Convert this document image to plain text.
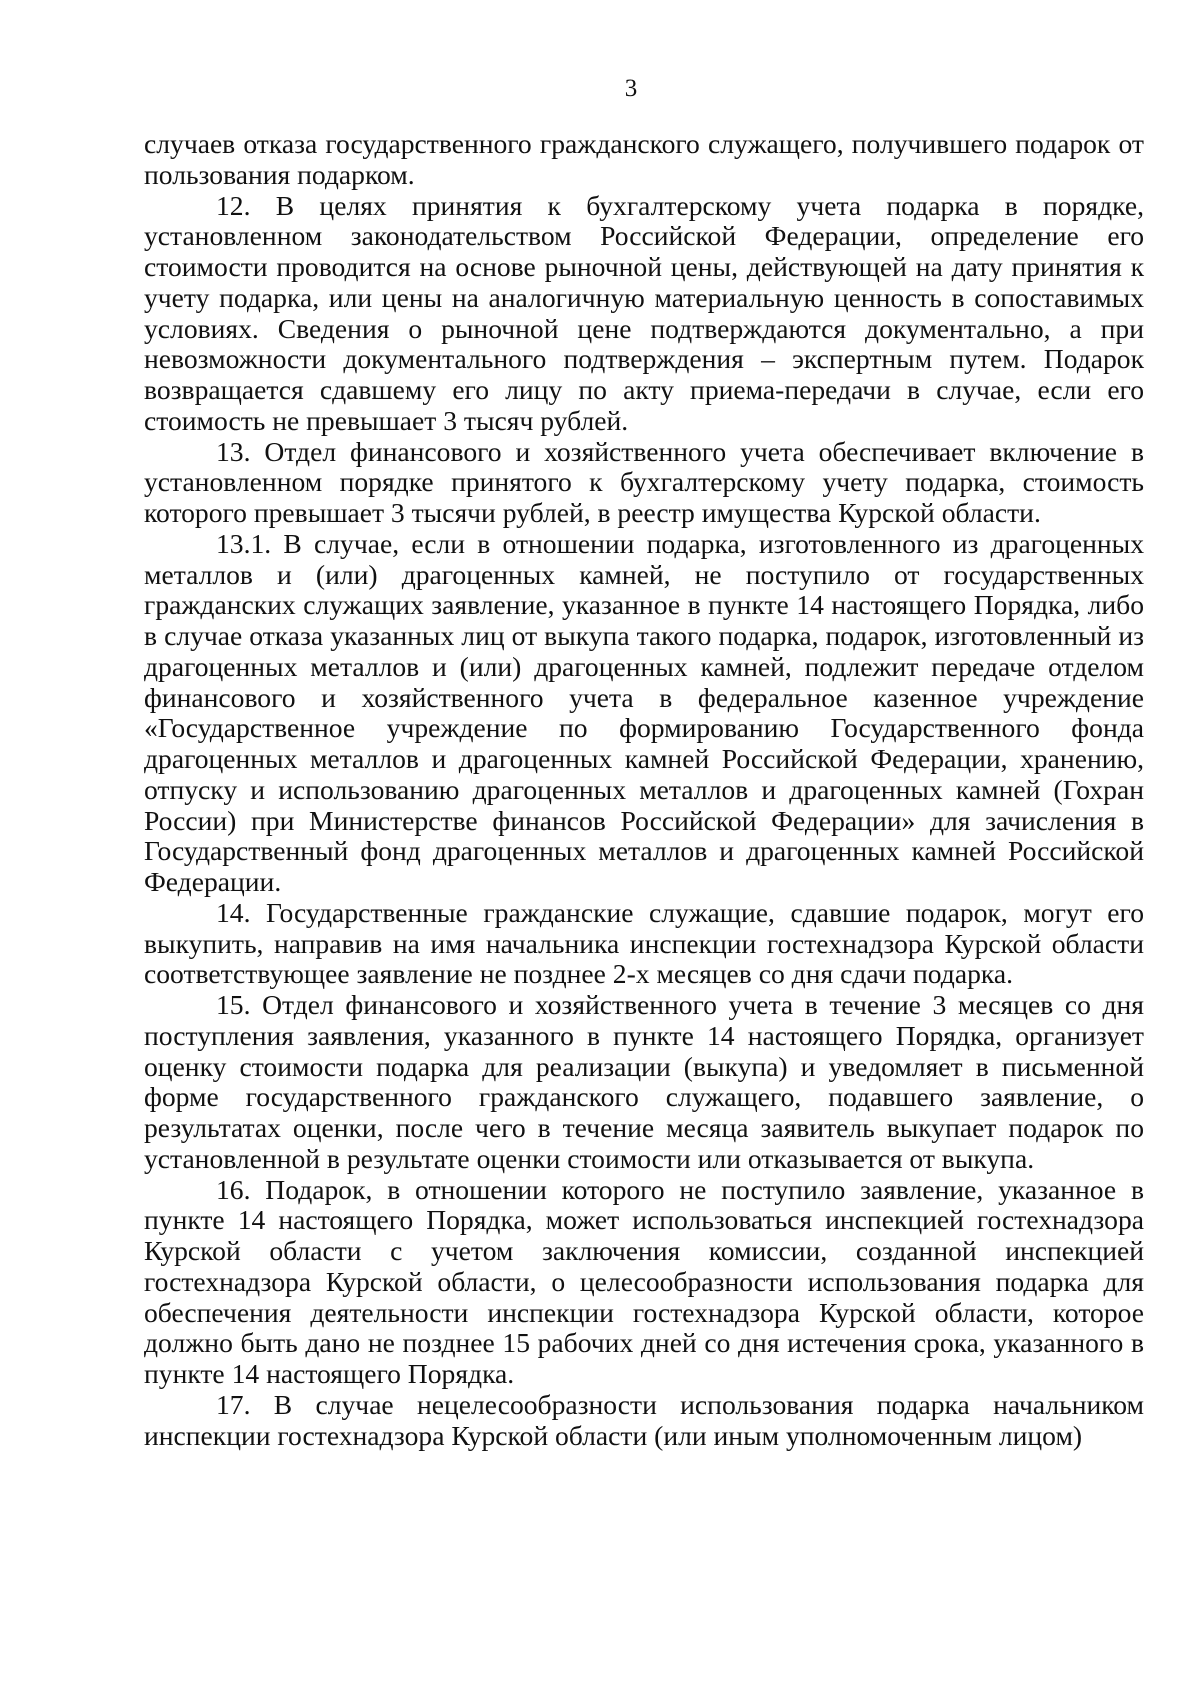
3

случаев отказа государственного гражданского служащего, получившего подарок от пользования подарком.

12. В целях принятия к бухгалтерскому учета подарка в порядке, установленном законодательством Российской Федерации, определение его стоимости проводится на основе рыночной цены, действующей на дату принятия к учету подарка, или цены на аналогичную материальную ценность в сопоставимых условиях. Сведения о рыночной цене подтверждаются документально, а при невозможности документального подтверждения – экспертным путем. Подарок возвращается сдавшему его лицу по акту приема-передачи в случае, если его стоимость не превышает 3 тысяч рублей.

13. Отдел финансового и хозяйственного учета обеспечивает включение в установленном порядке принятого к бухгалтерскому учету подарка, стоимость которого превышает 3 тысячи рублей, в реестр имущества Курской области.

13.1. В случае, если в отношении подарка, изготовленного из драгоценных металлов и (или) драгоценных камней, не поступило от государственных гражданских служащих заявление, указанное в пункте 14 настоящего Порядка, либо в случае отказа указанных лиц от выкупа такого подарка, подарок, изготовленный из драгоценных металлов и (или) драгоценных камней, подлежит передаче отделом финансового и хозяйственного учета в федеральное казенное учреждение «Государственное учреждение по формированию Государственного фонда драгоценных металлов и драгоценных камней Российской Федерации, хранению, отпуску и использованию драгоценных металлов и драгоценных камней (Гохран России) при Министерстве финансов Российской Федерации» для зачисления в Государственный фонд драгоценных металлов и драгоценных камней Российской Федерации.

14. Государственные гражданские служащие, сдавшие подарок, могут его выкупить, направив на имя начальника инспекции гостехнадзора Курской области соответствующее заявление не позднее 2-х месяцев со дня сдачи подарка.

15. Отдел финансового и хозяйственного учета в течение 3 месяцев со дня поступления заявления, указанного в пункте 14 настоящего Порядка, организует оценку стоимости подарка для реализации (выкупа) и уведомляет в письменной форме государственного гражданского служащего, подавшего заявление, о результатах оценки, после чего в течение месяца заявитель выкупает подарок по установленной в результате оценки стоимости или отказывается от выкупа.

16. Подарок, в отношении которого не поступило заявление, указанное в пункте 14 настоящего Порядка, может использоваться инспекцией гостехнадзора Курской области с учетом заключения комиссии, созданной инспекцией гостехнадзора Курской области, о целесообразности использования подарка для обеспечения деятельности инспекции гостехнадзора Курской области, которое должно быть дано не позднее 15 рабочих дней со дня истечения срока, указанного в пункте 14 настоящего Порядка.

17. В случае нецелесообразности использования подарка начальником инспекции гостехнадзора Курской области (или иным уполномоченным лицом)
